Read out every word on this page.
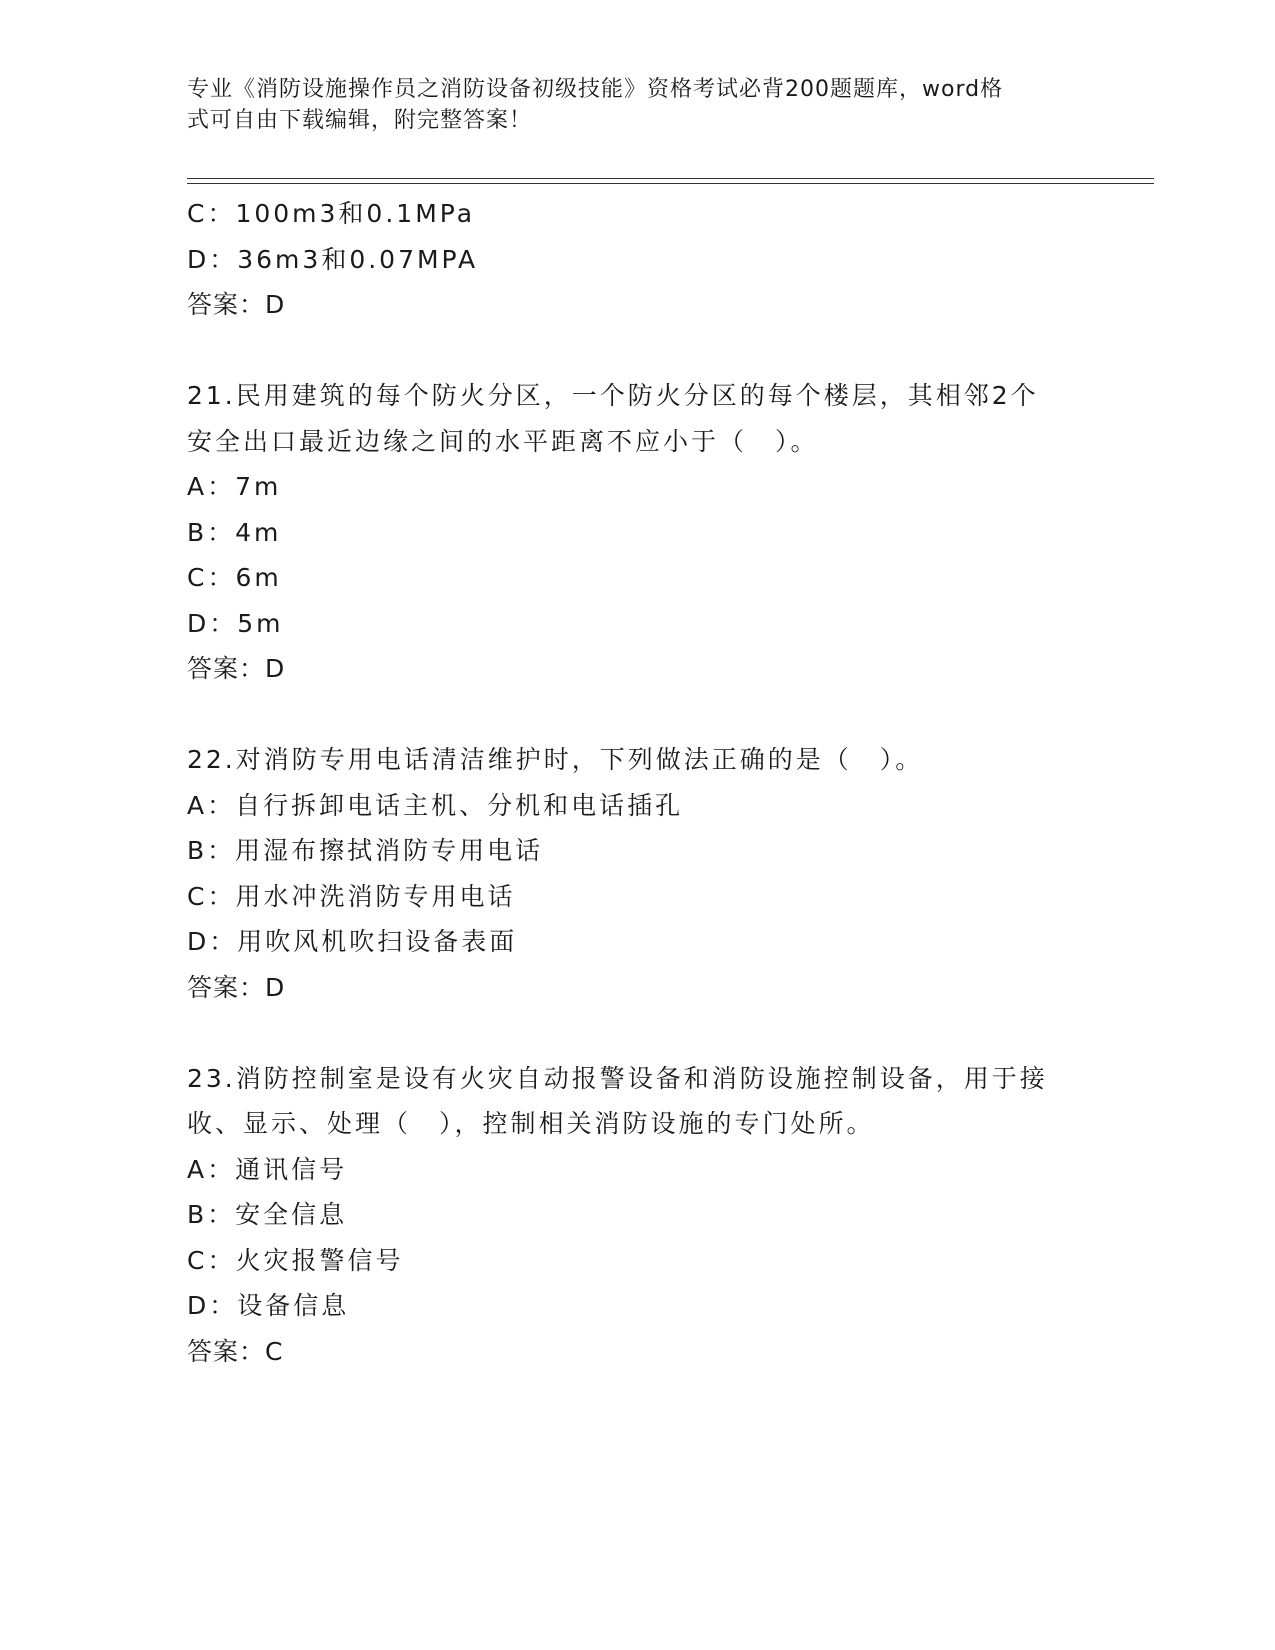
专业《消防设施操作员之消防设备初级技能》资格考试必背200题题库，word格
式可自由下载编辑，附完整答案！
C：100m3和0.1MPa
D：36m3和0.07MPA
答案：D
21.民用建筑的每个防火分区，一个防火分区的每个楼层，其相邻2个
安全出口最近边缘之间的水平距离不应小于（　）。
A：7m
B：4m
C：6m
D：5m
答案：D
22.对消防专用电话清洁维护时，下列做法正确的是（　）。
A：自行拆卸电话主机、分机和电话插孔
B：用湿布擦拭消防专用电话
C：用水冲洗消防专用电话
D：用吹风机吹扫设备表面
答案：D
23.消防控制室是设有火灾自动报警设备和消防设施控制设备，用于接
收、显示、处理（　），控制相关消防设施的专门处所。
A：通讯信号
B：安全信息
C：火灾报警信号
D：设备信息
答案：C
